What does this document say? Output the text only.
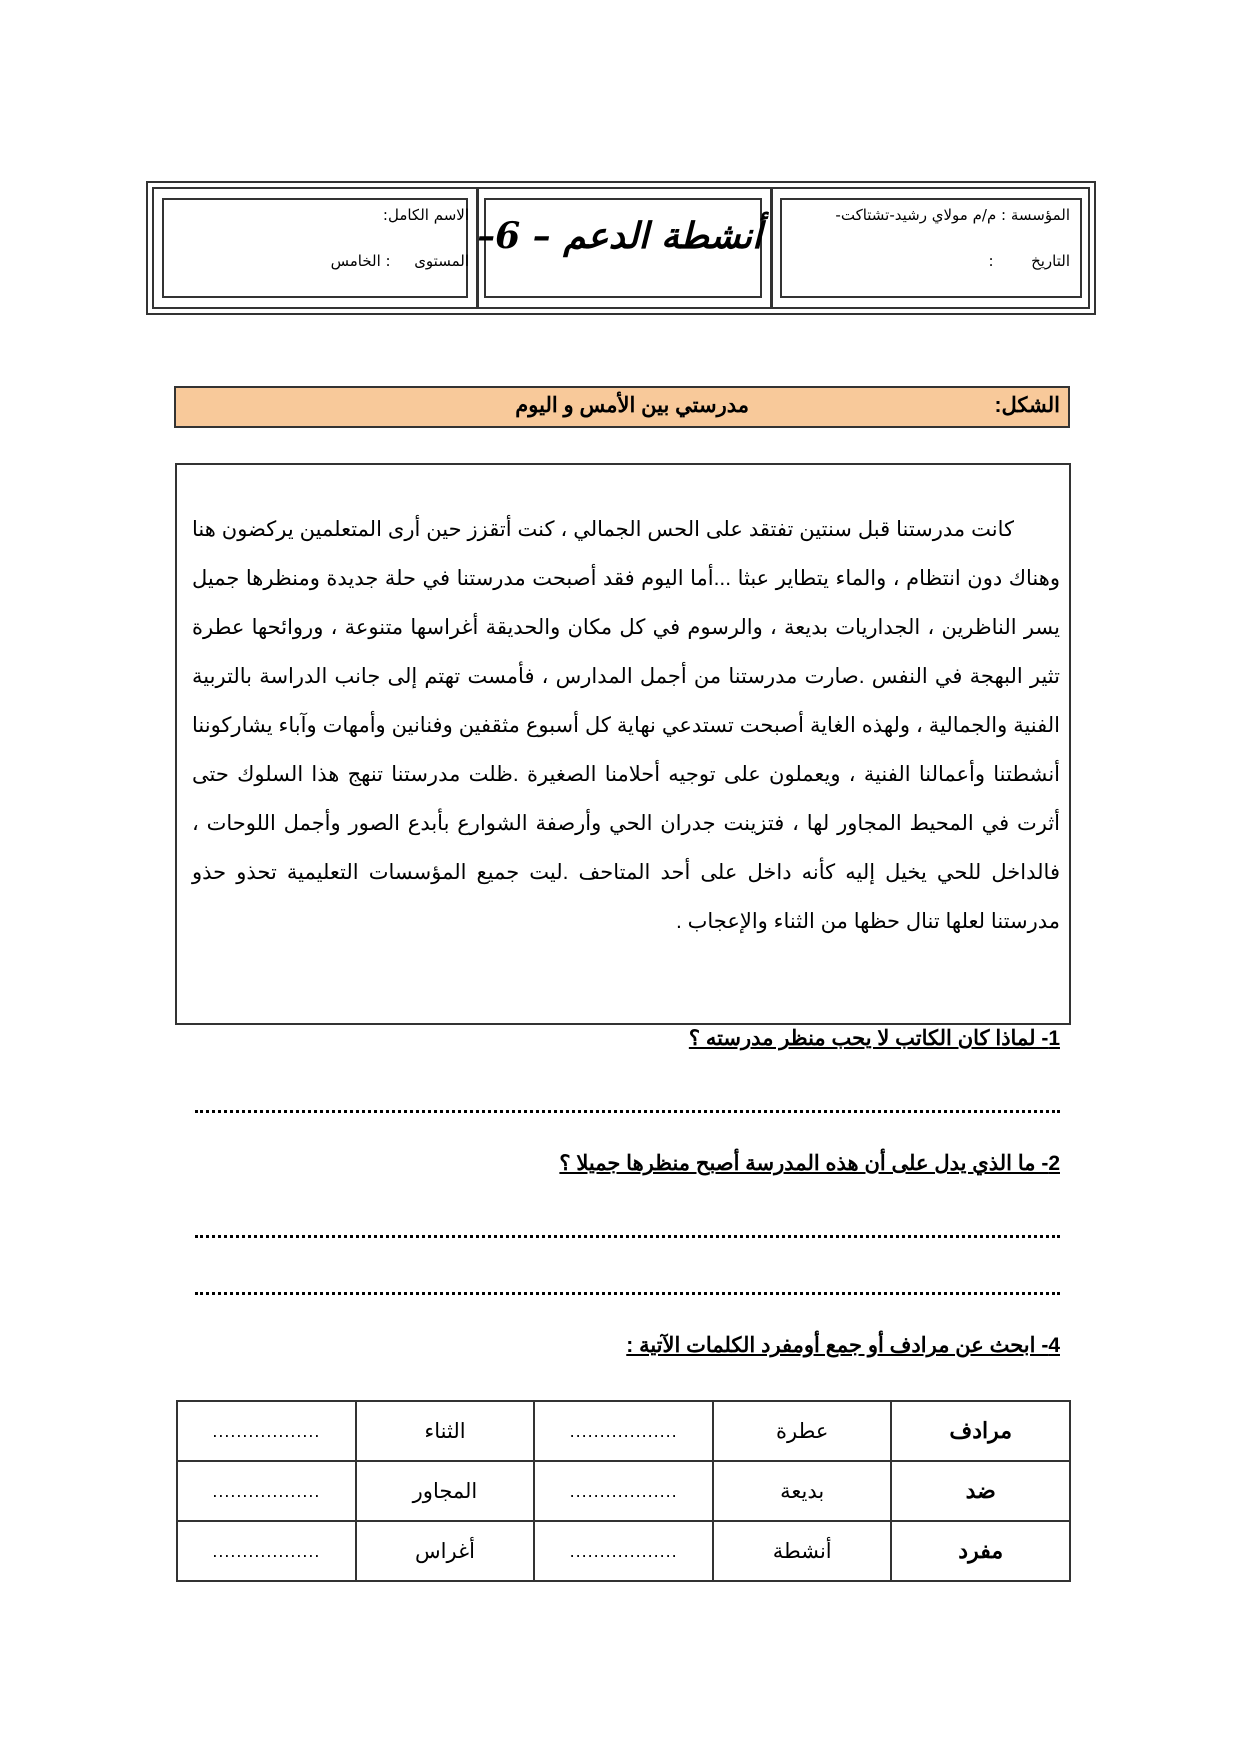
المؤسسة : م/م مولاي رشيد-تشتاكت-
التاريخ  :
أنشطة الدعم – 6–
الاسم الكامل:
المستوى  : الخامس
الشكل:
مدرستي بين الأمس و اليوم
كانت مدرستنا قبل سنتين تفتقد على الحس الجمالي ، كنت أتقزز حين أرى المتعلمين يركضون هنا وهناك دون انتظام ، والماء يتطاير عبثا ...أما اليوم فقد أصبحت مدرستنا في حلة جديدة ومنظرها جميل يسر الناظرين ، الجداريات بديعة ، والرسوم في كل مكان والحديقة أغراسها متنوعة ، وروائحها عطرة تثير البهجة في النفس .صارت مدرستنا من أجمل المدارس ، فأمست تهتم إلى جانب الدراسة بالتربية الفنية والجمالية ، ولهذه الغاية أصبحت تستدعي نهاية كل أسبوع مثقفين وفنانين وأمهات وآباء يشاركوننا أنشطتنا وأعمالنا الفنية ، ويعملون على توجيه أحلامنا الصغيرة .ظلت مدرستنا تنهج هذا السلوك حتى أثرت في المحيط المجاور لها ، فتزينت جدران الحي وأرصفة الشوارع بأبدع الصور وأجمل اللوحات ، فالداخل للحي يخيل إليه كأنه داخل على أحد المتاحف .ليت جميع المؤسسات التعليمية تحذو حذو مدرستنا لعلها تنال حظها من الثناء والإعجاب .
1- لماذا كان الكاتب لا يحب منظر مدرسته ؟
2- ما الذي يدل على أن هذه المدرسة أصبح منظرها جميلا ؟
4- ابحث عن مرادف أو جمع أومفرد الكلمات الآتية :
..................	الثناء	..................	عطرة	مرادف
..................	المجاور	..................	بديعة	ضد
..................	أغراس	..................	أنشطة	مفرد
